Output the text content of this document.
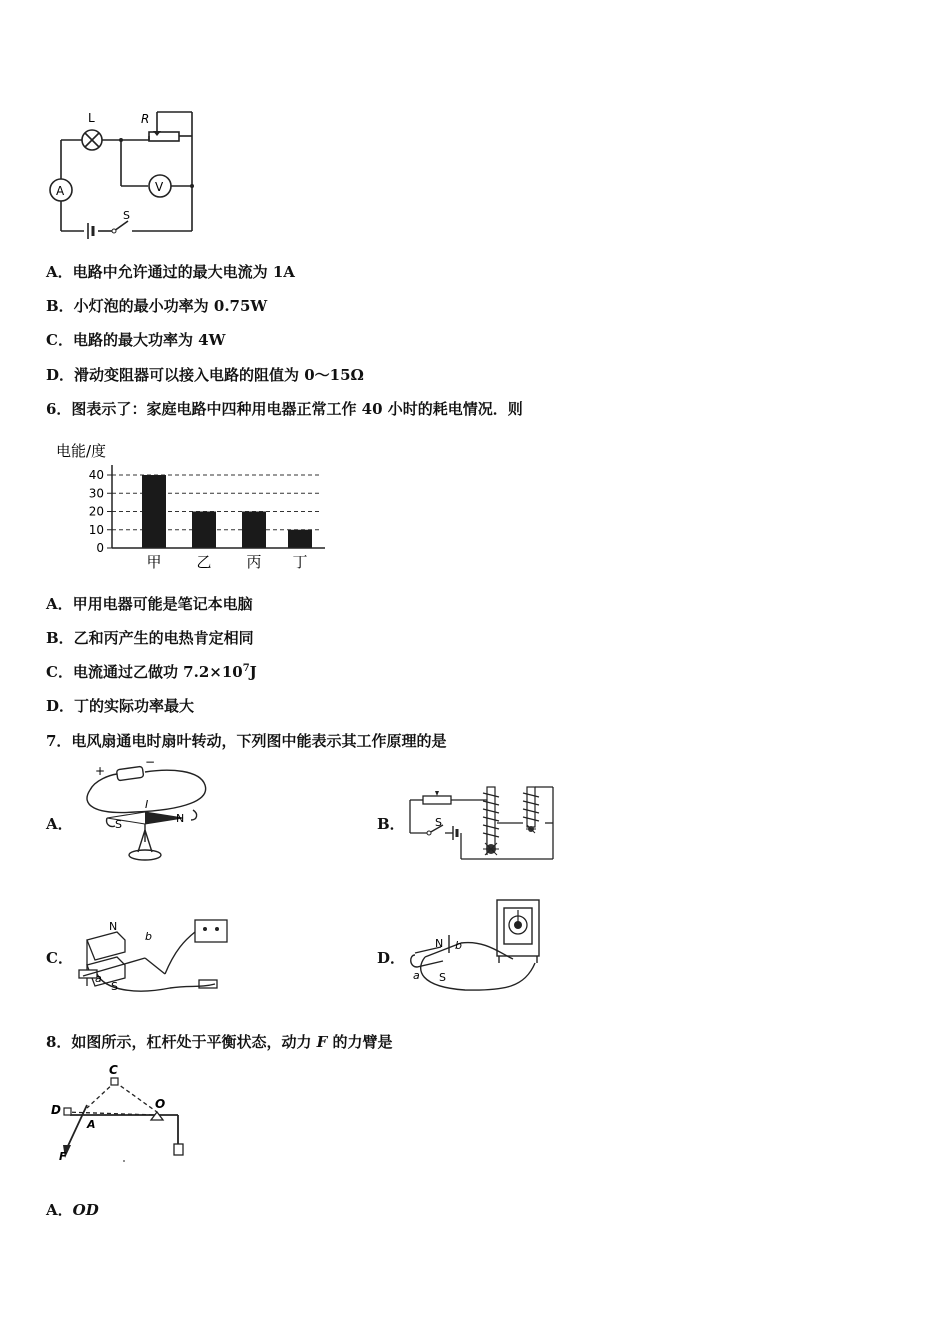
L	R
A	V
S
A．电路中允许通过的最大电流为 1A
B．小灯泡的最小功率为 0.75W
C．电路的最大功率为 4W
D．滑动变阻器可以接入电路的阻值为 0～15Ω
6．图表示了：家庭电路中四种用电器正常工作 40 小时的耗电情况．则
电能/度
40
30
20
10
0
甲 乙 丙 丁
A．甲用电器可能是笔记本电脑
B．乙和丙产生的电热肯定相同
C．电流通过乙做功 $7.2\times 10^7J$
D．丁的实际功率最大
7．电风扇通电时扇叶转动，下列图中能表示其工作原理的是
A．
+
−
I
S	N	B．	S
C．
N
S
a
b
D．
N
S
a
b
8．如图所示，杠杆处于平衡状态，动力 F 的力臂是
C
D
A
O
F
A．OD
